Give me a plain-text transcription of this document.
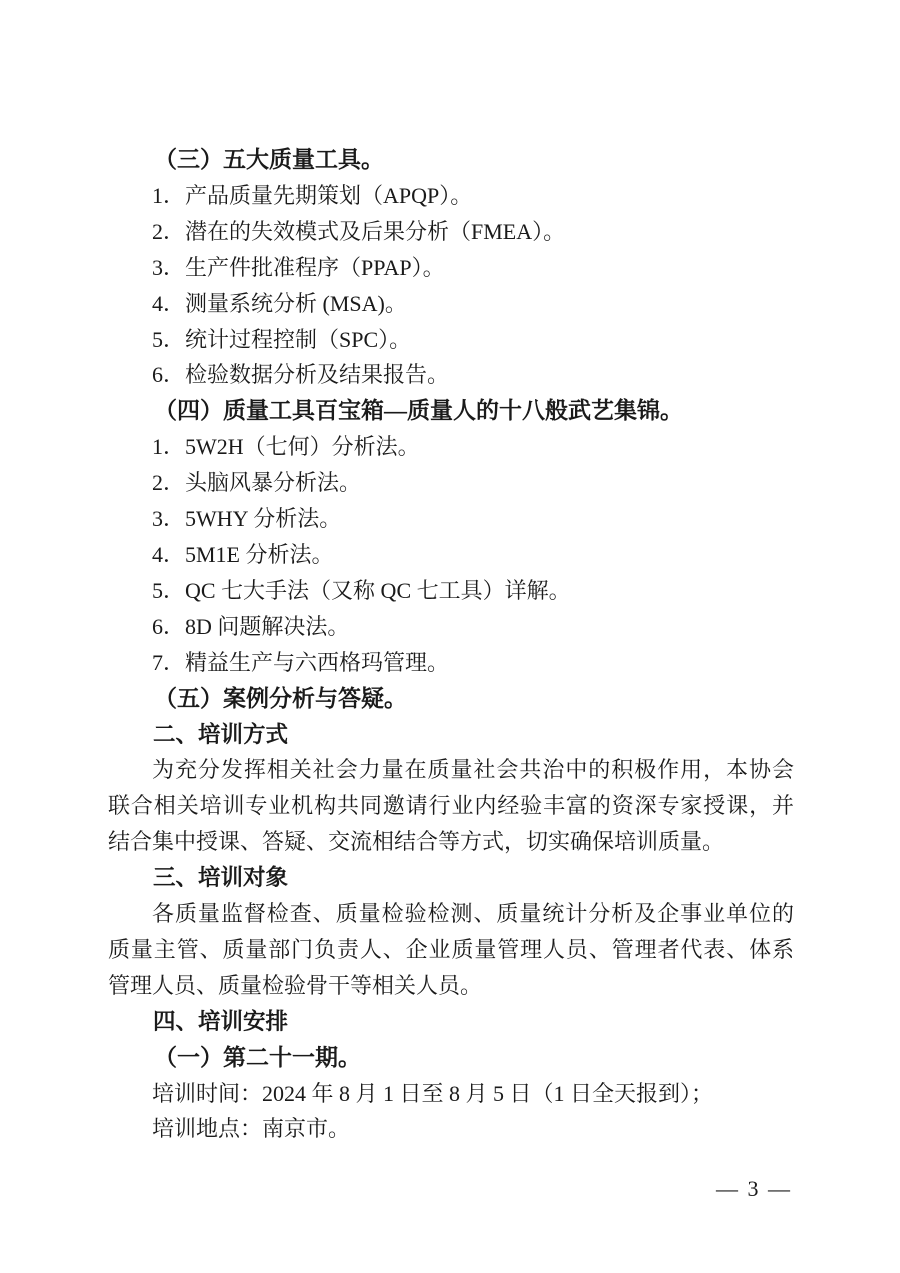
（三）五大质量工具。
1．产品质量先期策划（APQP）。
2．潜在的失效模式及后果分析（FMEA）。
3．生产件批准程序（PPAP）。
4．测量系统分析 (MSA)。
5．统计过程控制（SPC）。
6．检验数据分析及结果报告。
（四）质量工具百宝箱—质量人的十八般武艺集锦。
1．5W2H（七何）分析法。
2．头脑风暴分析法。
3．5WHY 分析法。
4．5M1E 分析法。
5．QC 七大手法（又称 QC 七工具）详解。
6．8D 问题解决法。
7．精益生产与六西格玛管理。
（五）案例分析与答疑。
二、培训方式
为充分发挥相关社会力量在质量社会共治中的积极作用，本协会
联合相关培训专业机构共同邀请行业内经验丰富的资深专家授课，并
结合集中授课、答疑、交流相结合等方式，切实确保培训质量。
三、培训对象
各质量监督检查、质量检验检测、质量统计分析及企事业单位的
质量主管、质量部门负责人、企业质量管理人员、管理者代表、体系
管理人员、质量检验骨干等相关人员。
四、培训安排
（一）第二十一期。
培训时间：2024 年 8 月 1 日至 8 月 5 日（1 日全天报到）；
培训地点：南京市。
— 3 —
